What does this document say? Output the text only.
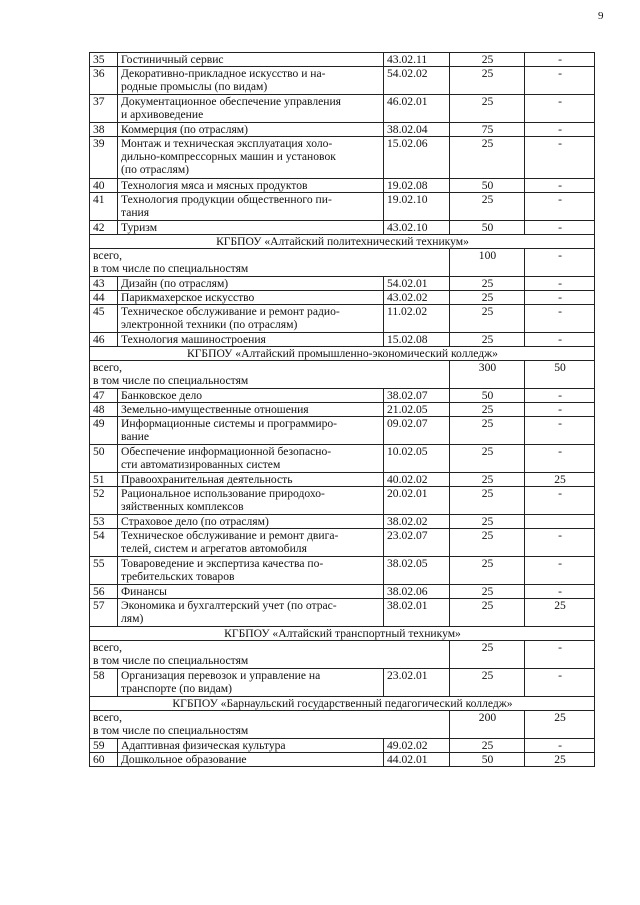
9
35	Гостиничный сервис	43.02.11	25	-
36	Декоративно-прикладное искусство и на-
родные промыслы (по видам)	54.02.02	25	-
37	Документационное обеспечение управления
и архивоведение	46.02.01	25	-
38	Коммерция (по отраслям)	38.02.04	75	-
39	Монтаж и техническая эксплуатация холо-
дильно-компрессорных машин и установок
(по отраслям)	15.02.06	25	-
40	Технология мяса и мясных продуктов	19.02.08	50	-
41	Технология продукции общественного пи-
тания	19.02.10	25	-
42	Туризм	43.02.10	50	-
КГБПОУ «Алтайский политехнический техникум»				
всего,
в том числе по специальностям			100	-
43	Дизайн (по отраслям)	54.02.01	25	-
44	Парикмахерское искусство	43.02.02	25	-
45	Техническое обслуживание и ремонт радио-
электронной техники (по отраслям)	11.02.02	25	-
46	Технология машиностроения	15.02.08	25	-
КГБПОУ «Алтайский промышленно-экономический колледж»				
всего,
в том числе по специальностям			300	50
47	Банковское дело	38.02.07	50	-
48	Земельно-имущественные отношения	21.02.05	25	-
49	Информационные системы и программиро-
вание	09.02.07	25	-
50	Обеспечение информационной безопасно-
сти автоматизированных систем	10.02.05	25	-
51	Правоохранительная деятельность	40.02.02	25	25
52	Рациональное использование природохо-
зяйственных комплексов	20.02.01	25	-
53	Страховое дело (по отраслям)	38.02.02	25	
54	Техническое обслуживание и ремонт двига-
телей, систем и агрегатов автомобиля	23.02.07	25	-
55	Товароведение и экспертиза качества по-
требительских товаров	38.02.05	25	-
56	Финансы	38.02.06	25	-
57	Экономика и бухгалтерский учет (по отрас-
лям)	38.02.01	25	25
КГБПОУ «Алтайский транспортный техникум»				
всего,
в том числе по специальностям			25	-
58	Организация перевозок и управление на
транспорте (по видам)	23.02.01	25	-
КГБПОУ «Барнаульский государственный педагогический колледж»				
всего,
в том числе по специальностям			200	25
59	Адаптивная физическая культура	49.02.02	25	-
60	Дошкольное образование	44.02.01	50	25
